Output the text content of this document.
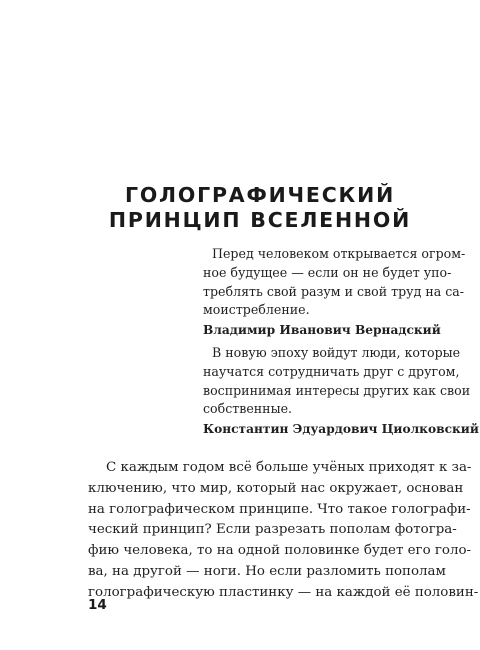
ГОЛОГРАФИЧЕСКИЙ
ПРИНЦИП ВСЕЛЕННОЙ
Перед человеком открывается огром-
ное будущее — если он не будет упо-
треблять свой разум и свой труд на са-
моистребление.
Владимир Иванович Вернадский
В новую эпоху войдут люди, которые
научатся сотрудничать друг с другом,
воспринимая интересы других как свои
собственные.
Константин Эдуардович Циолковский
С каждым годом всё больше учёных приходят к за-
ключению, что мир, который нас окружает, основан
на голографическом принципе. Что такое голографи-
ческий принцип? Если разрезать пополам фотогра-
фию человека, то на одной половинке будет его голо-
ва, на другой — ноги. Но если разломить пополам
голографическую пластинку — на каждой её половин-
14
